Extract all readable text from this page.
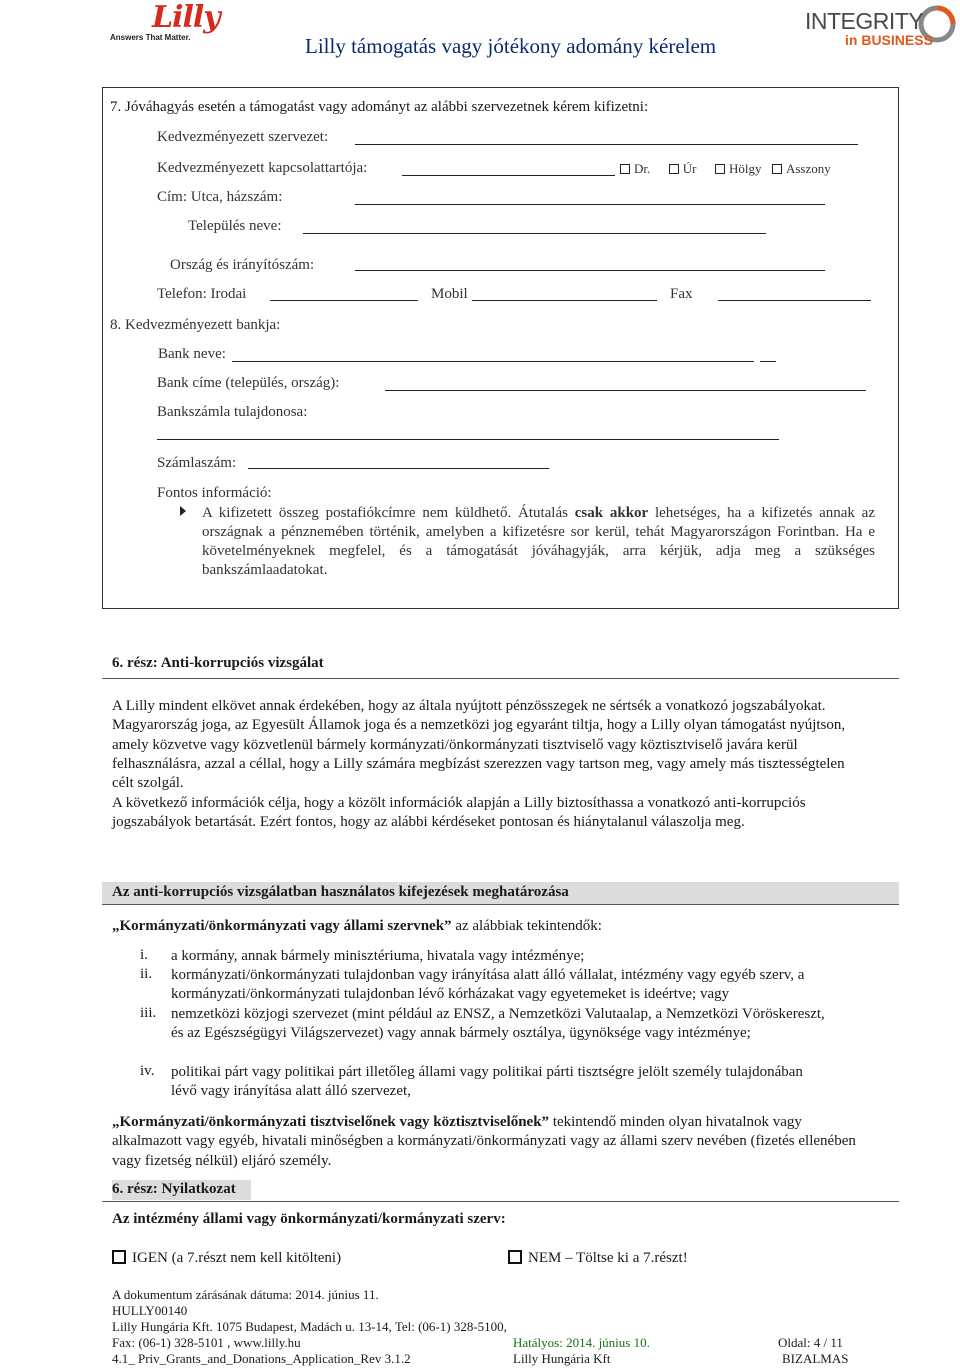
Lilly
Answers That Matter.	Lilly támogatás vagy jótékony adomány kérelem
INTEGRITY
in BUSINESS
7. Jóváhagyás esetén a támogatást vagy adományt az alábbi szervezetnek kérem kifizetni:
Kedvezményezett szervezet:
Kedvezményezett kapcsolattartója:	Dr.	Úr	Hölgy Asszony
Cím: Utca, házszám:
Település neve:
Ország és irányítószám:
Telefon: Irodai	Mobil	Fax
8. Kedvezményezett bankja:
Bank neve:
Bank címe (település, ország):
Bankszámla tulajdonosa:
Számlaszám:
Fontos információ:
A kifizetett összeg postafiókcímre nem küldhető. Átutalás csak akkor lehetséges, ha a kifizetés annak az országnak a pénznemében történik, amelyben a kifizetésre sor kerül, tehát Magyarországon Forintban. Ha e követelményeknek megfelel, és a támogatását jóváhagyják, arra kérjük, adja meg a szükséges bankszámlaadatokat.
6. rész: Anti-korrupciós vizsgálat
A Lilly mindent elkövet annak érdekében, hogy az általa nyújtott pénzösszegek ne sértsék a vonatkozó jogszabályokat. Magyarország joga, az Egyesült Államok joga és a nemzetközi jog egyaránt tiltja, hogy a Lilly olyan támogatást nyújtson, amely közvetve vagy közvetlenül bármely kormányzati/önkormányzati tisztviselő vagy köztisztviselő javára kerül felhasználásra, azzal a céllal, hogy a Lilly számára megbízást szerezzen vagy tartson meg, vagy amely más tisztességtelen célt szolgál.
A következő információk célja, hogy a közölt információk alapján a Lilly biztosíthassa a vonatkozó anti-korrupciós jogszabályok betartását. Ezért fontos, hogy az alábbi kérdéseket pontosan és hiánytalanul válaszolja meg.
Az anti-korrupciós vizsgálatban használatos kifejezések meghatározása
„Kormányzati/önkormányzati vagy állami szervnek” az alábbiak tekintendők:
i. a kormány, annak bármely minisztériuma, hivatala vagy intézménye;
ii. kormányzati/önkormányzati tulajdonban vagy irányítása alatt álló vállalat, intézmény vagy egyéb szerv, a kormányzati/önkormányzati tulajdonban lévő kórházakat vagy egyetemeket is ideértve; vagy
iii. nemzetközi közjogi szervezet (mint például az ENSZ, a Nemzetközi Valutaalap, a Nemzetközi Vöröskereszt, és az Egészségügyi Világszervezet) vagy annak bármely osztálya, ügynöksége vagy intézménye;
iv. politikai párt vagy politikai párt illetőleg állami vagy politikai párti tisztségre jelölt személy tulajdonában lévő vagy irányítása alatt álló szervezet,
„Kormányzati/önkormányzati tisztviselőnek vagy köztisztviselőnek” tekintendő minden olyan hivatalnok vagy alkalmazott vagy egyéb, hivatali minőségben a kormányzati/önkormányzati vagy az állami szerv nevében (fizetés ellenében vagy fizetség nélkül) eljáró személy.
6. rész: Nyilatkozat
Az intézmény állami vagy önkormányzati/kormányzati szerv:
IGEN (a 7.részt nem kell kitölteni)	NEM – Töltse ki a 7.részt!
A dokumentum zárásának dátuma: 2014. június 11.
HULLY00140
Lilly Hungária Kft. 1075 Budapest, Madách u. 13-14, Tel: (06-1) 328-5100,
Fax: (06-1) 328-5101 , www.lilly.hu
4.1_ Priv_Grants_and_Donations_Application_Rev 3.1.2
Hatályos: 2014. június 10.
Lilly Hungária Kft
Oldal: 4 / 11
BIZALMAS
